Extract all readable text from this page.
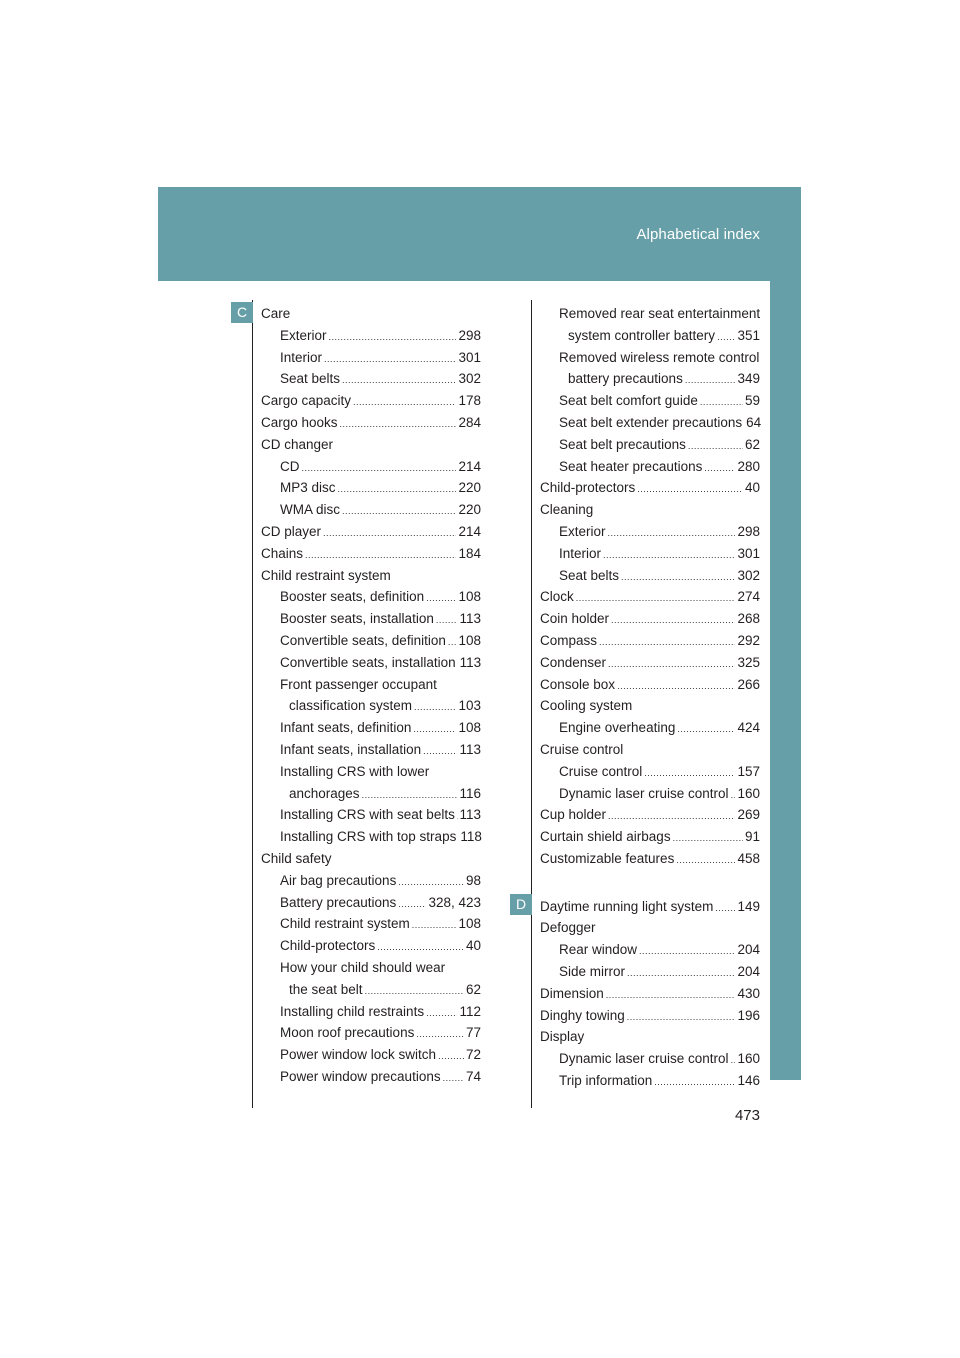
Alphabetical index
C
D
Care
Exterior .....	298
Interior .....	301
Seat belts .....	302
Cargo capacity .....	178
Cargo hooks .....	284
CD changer
CD .....	214
MP3 disc .....	220
WMA disc .....	220
CD player .....	214
Chains .....	184
Child restraint system
Booster seats, definition .....	108
Booster seats, installation ..... 113
Convertible seats, definition ..... 108
Convertible seats, installation 113
Front passenger occupant
classification system .....	103
Infant seats, definition .....	108
Infant seats, installation .....	113
Installing CRS with lower
anchorages .....	116
Installing CRS with seat belts ..... 113
Installing CRS with top straps 118
Child safety
Air bag precautions .....	98
Battery precautions ..... 328, 423
Child restraint system .....	108
Child-protectors .....	40
How your child should wear
the seat belt .....	62
Installing child restraints .....	112
Moon roof precautions .....	77
Power window lock switch ..... 72
Power window precautions ..... 74
Removed rear seat entertainment
system controller battery ..... 351
Removed wireless remote control
battery precautions .....	349
Seat belt comfort guide .....	59
Seat belt extender precautions 64
Seat belt precautions .....	62
Seat heater precautions .....	280
Child-protectors .....	40
Cleaning
Exterior .....	298
Interior .....	301
Seat belts .....	302
Clock .....	274
Coin holder .....	268
Compass .....	292
Condenser .....	325
Console box .....	266
Cooling system
Engine overheating .....	424
Cruise control
Cruise control .....	157
Dynamic laser cruise control ..... 160
Cup holder .....	269
Curtain shield airbags .....	91
Customizable features .....	458
Daytime running light system ..... 149
Defogger
Rear window .....	204
Side mirror .....	204
Dimension .....	430
Dinghy towing .....	196
Display
Dynamic laser cruise control ..... 160
Trip information .....	146
473
